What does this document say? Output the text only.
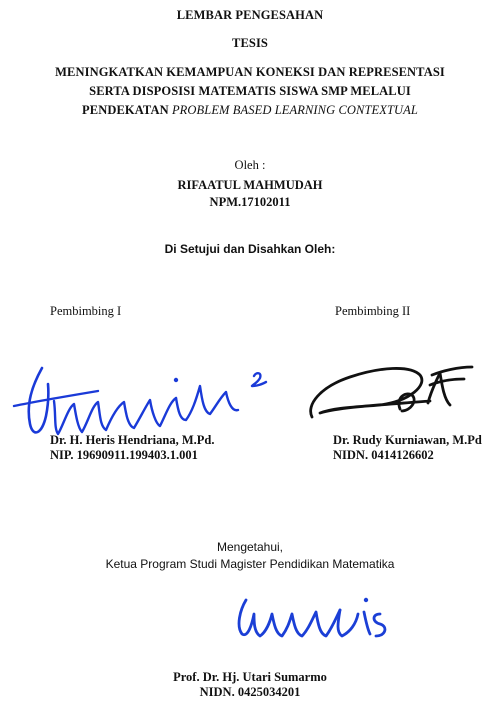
LEMBAR PENGESAHAN
TESIS
MENINGKATKAN KEMAMPUAN KONEKSI DAN REPRESENTASI
SERTA DISPOSISI MATEMATIS SISWA SMP MELALUI
PENDEKATAN PROBLEM BASED LEARNING CONTEXTUAL
Oleh :
RIFAATUL MAHMUDAH
NPM.17102011
Di Setujui dan Disahkan Oleh:
Pembimbing I
Dr. H. Heris Hendriana, M.Pd.
NIP. 19690911.199403.1.001
Pembimbing II
Dr. Rudy Kurniawan, M.Pd
NIDN. 0414126602
Mengetahui,
Ketua Program Studi Magister Pendidikan Matematika
Prof. Dr. Hj. Utari Sumarmo
NIDN. 0425034201
